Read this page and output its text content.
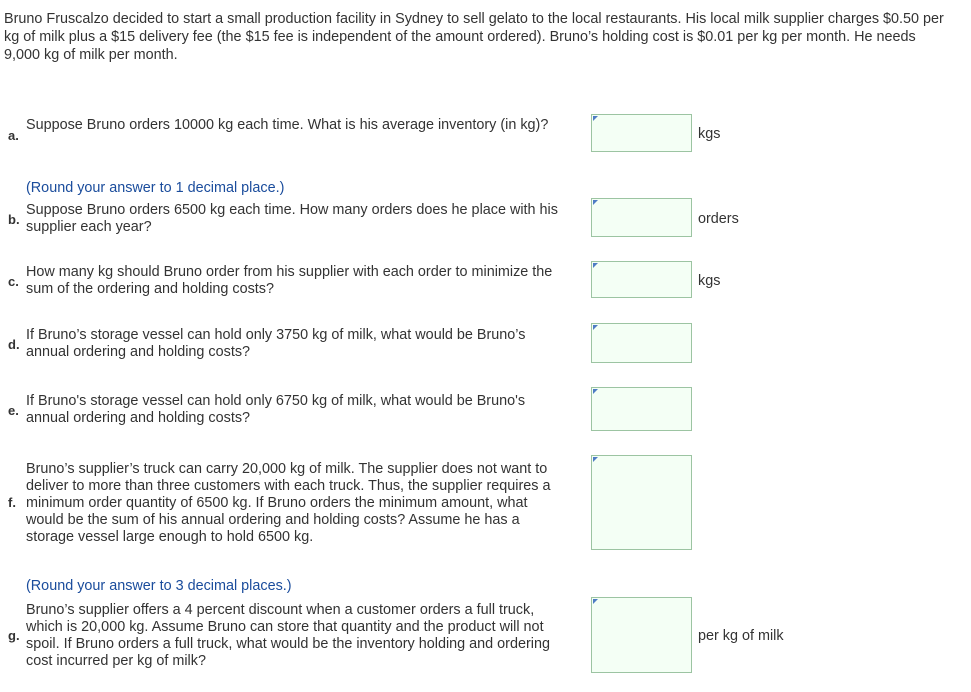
Bruno Fruscalzo decided to start a small production facility in Sydney to sell gelato to the local restaurants. His local milk supplier charges $0.50 per kg of milk plus a $15 delivery fee (the $15 fee is independent of the amount ordered). Bruno’s holding cost is $0.01 per kg per month. He needs 9,000 kg of milk per month.

a.
Suppose Bruno orders 10000 kg each time. What is his average inventory (in kg)?
kgs
(Round your answer to 1 decimal place.)
b.
Suppose Bruno orders 6500 kg each time. How many orders does he place with his supplier each year?	orders
c.
How many kg should Bruno order from his supplier with each order to minimize the sum of the ordering and holding costs?	kgs
d.
If Bruno’s storage vessel can hold only 3750 kg of milk, what would be Bruno’s annual ordering and holding costs?
e.
If Bruno's storage vessel can hold only 6750 kg of milk, what would be Bruno's annual ordering and holding costs?
f.
Bruno’s supplier’s truck can carry 20,000 kg of milk. The supplier does not want to deliver to more than three customers with each truck. Thus, the supplier requires a minimum order quantity of 6500 kg. If Bruno orders the minimum amount, what would be the sum of his annual ordering and holding costs? Assume he has a storage vessel large enough to hold 6500 kg.
(Round your answer to 3 decimal places.)
g.
Bruno’s supplier offers a 4 percent discount when a customer orders a full truck, which is 20,000 kg. Assume Bruno can store that quantity and the product will not spoil. If Bruno orders a full truck, what would be the inventory holding and ordering cost incurred per kg of milk?
per kg of milk
